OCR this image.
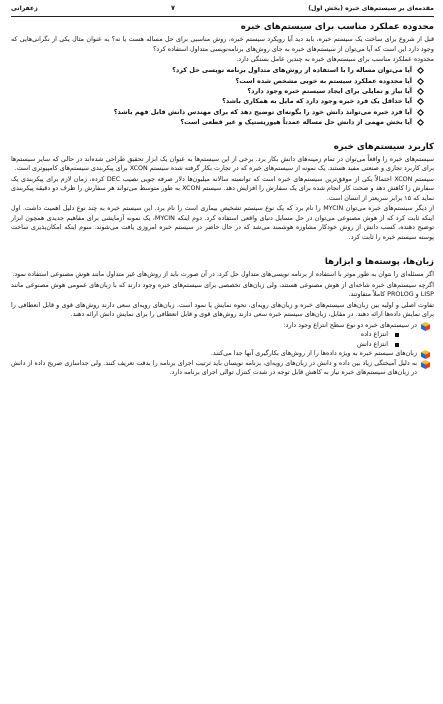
مقدمه‌ای بر سیستم‌های خبره (بخش اول)
۷
زعفرانی
محدوده عملکرد مناسب برای سیستم‌های خبره

قبل از شروع برای ساخت یک سیستم خبره، باید دید آیا رویکرد سیستم خبره، روش مناسبی برای حل مساله هست یا نه؟ به عنوان مثال یکی از نگرانی‌هایی که وجود دارد این است که آیا می‌توان از سیستم‌های خبره به جای روش‌های برنامه‌نویسی متداول استفاده کرد؟

محدوده عملکرد مناسب برای سیستم‌های خبره به چندین عامل بستگی دارد.
آیا می‌توان مساله را با استفاده از روش‌های متداول برنامه نویسی حل کرد؟
آیا محدوده عملکرد سیستم به خوبی مشخص شده است؟
آیا نیاز و تمایلی برای ایجاد سیستم خبره وجود دارد؟
آیا حداقل یک فرد خبره وجود دارد که مایل به همکاری باشد؟
آیا فرد خبره می‌تواند دانش خود را بگونه‌ای توضیح دهد که برای مهندس دانش قابل فهم باشد؟
آیا بخش مهمی از دانش حل مساله عمدتاً هیوریستیک و غیر قطعی است؟
کاربرد سیستم‌های خبره

سیستم‌های خبره را واقعاً می‌توان در تمام زمینه‌های دانش بکار برد. برخی از این سیستم‌ها به عنوان یک ابزار تحقیق طراحی شده‌اند در حالی که سایر سیستم‌ها برای کاربرد تجاری و صنعتی مفید هستند. یک نمونه از سیستم‌های خبره که در تجارت بکار گرفته شده سیستم XCON برای پیکربندی سیستم‌های کامپیوتری است.

سیستم XCON احتمالاً یکی از موفق‌ترین سیستم‌های خبره است که توانسته سالانه میلیون‌ها دلار صرفه جویی نصیب DEC کرده، زمان لازم برای پیکربندی یک سفارش را کاهش دهد و صحت کار انجام شده برای یک سفارش را افزایش دهد. سیستم XCON به طور متوسط می‌تواند هر سفارش را ظرف دو دقیقه پیکربندی نماید که ۱۵ برابر سریعتر از انسان است.

از دیگر سیستم‌های خبره می‌توان MYCIN را نام برد که یک نوع سیستم تشخیص بیماری است را نام برد. این سیستم خبره به چند نوع دلیل اهمیت داشت. اول اینکه ثابت کرد که از هوش مصنوعی می‌توان در حل مسایل دنیای واقعی استفاده کرد. دوم اینکه MYCIN، یک نمونه آزمایشی برای مفاهیم جدیدی همچون ابزار توضیح دهنده، کسب دانش از روش خودکار مشاوره هوشمند می‌شد که در حال حاضر در سیستم خبره امروزی یافت می‌شوند. سوم اینکه امکان‌پذیری ساخت پوسته سیستم خبره را ثابت کرد.

زبان‌ها، پوسته‌ها و ابزارها

اگر مسئله‌ای را نتوان به طور موثر با استفاده از برنامه نویسی‌های متداول حل کرد، در آن صورت باید از روش‌های غیر متداول مانند هوش مصنوعی استفاده نمود.

اگرچه سیستم‌های خبره شاخه‌ای از هوش مصنوعی هستند، ولی زبان‌های تخصصی برای سیستم‌های خبره وجود دارند که با زبان‌های عمومی هوش مصنوعی مانند LISP و PROLOG کاملاً متفاوتند.

تفاوت اصلی و اولیه بین زبان‌های سیستم‌های خبره و زبان‌های رویه‌ای، نحوه نمایش یا نمود است. زبان‌های رویه‌ای سعی دارند روش‌های قوی و قابل انعطافی را برای نمایش داده‌ها ارائه دهند. در مقابل، زبان‌های سیستم خبره سعی دارند روش‌های قوی و قابل انعطافی را برای نمایش دانش ارائه دهند.

در سیستم‌های خبره دو نوع سطح انتزاع وجود دارد:
انتزاع داده
انتزاع دانش
زبان‌های سیستم خبره به ویژه داده‌ها را از روش‌های بکارگیری آنها جدا می‌کنند.
به دلیل آمیختگی زیاد بین داده و دانش در زبان‌های رویه‌ای، برنامه نویسان باید ترتیب اجرای برنامه را بدقت تعریف کنند. ولی جداسازی صریح داده از دانش در زبان‌های سیستم‌های خبره نیاز به کاهش قابل توجه در شدت کنترل توالی اجرای برنامه دارد.
